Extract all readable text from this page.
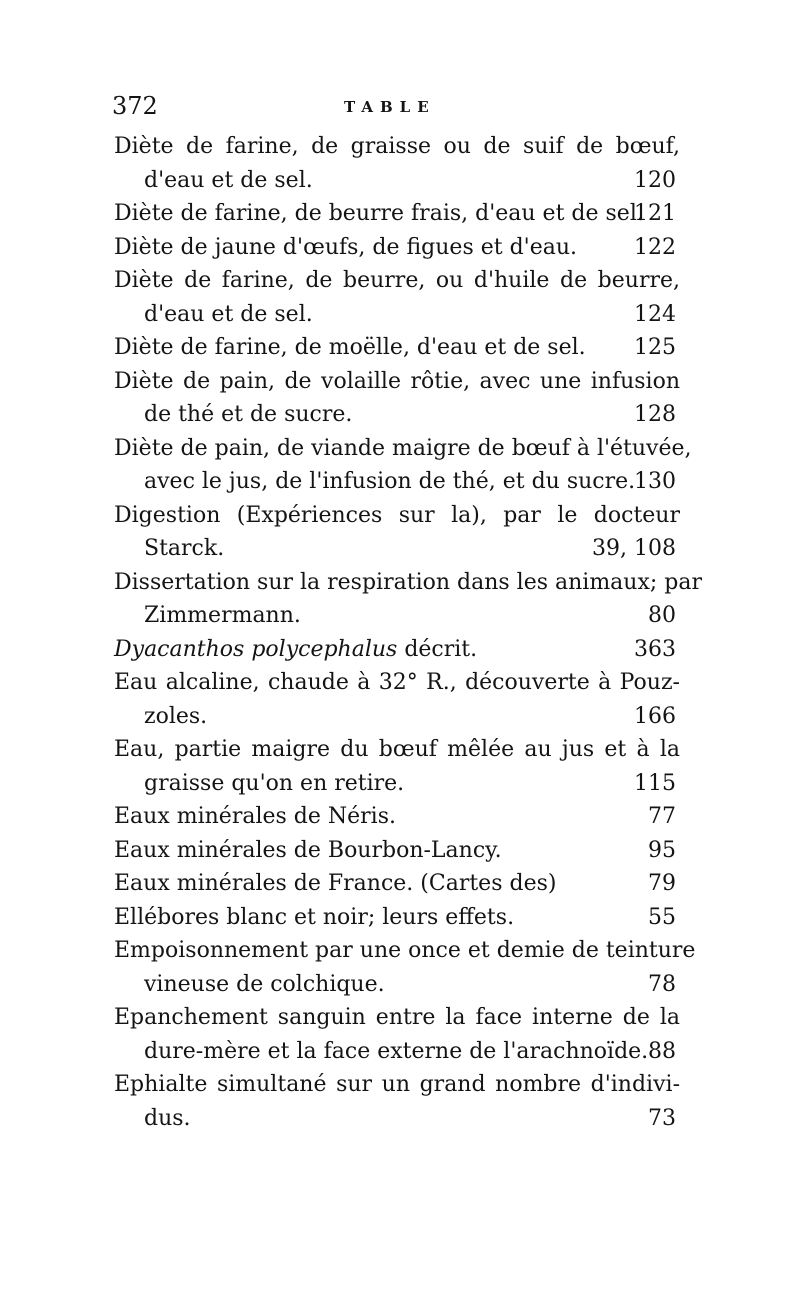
372	TABLE
Diète de farine, de graisse ou de suif de bœuf,
d'eau et de sel.	120
Diète de farine, de beurre frais, d'eau et de sel.
121
Diète de jaune d'œufs, de figues et d'eau.	122
Diète de farine, de beurre, ou d'huile de beurre,
d'eau et de sel.	124
Diète de farine, de moëlle, d'eau et de sel.	125
Diète de pain, de volaille rôtie, avec une infusion
de thé et de sucre.	128
Diète de pain, de viande maigre de bœuf à l'étuvée,
avec le jus, de l'infusion de thé, et du sucre.
130
Digestion (Expériences sur la), par le docteur
Starck.	39, 108
Dissertation sur la respiration dans les animaux; par
Zimmermann.	80
Dyacanthos polycephalus décrit.	363
Eau alcaline, chaude à 32° R., découverte à Pouz-
zoles.	166
Eau, partie maigre du bœuf mêlée au jus et à la
graisse qu'on en retire.	115
Eaux minérales de Néris.	77
Eaux minérales de Bourbon-Lancy.	95
Eaux minérales de France. (Cartes des)	79
Ellébores blanc et noir; leurs effets.	55
Empoisonnement par une once et demie de teinture
vineuse de colchique.	78
Epanchement sanguin entre la face interne de la
dure-mère et la face externe de l'arachnoïde. 88
Ephialte simultané sur un grand nombre d'indivi-
dus.	73
